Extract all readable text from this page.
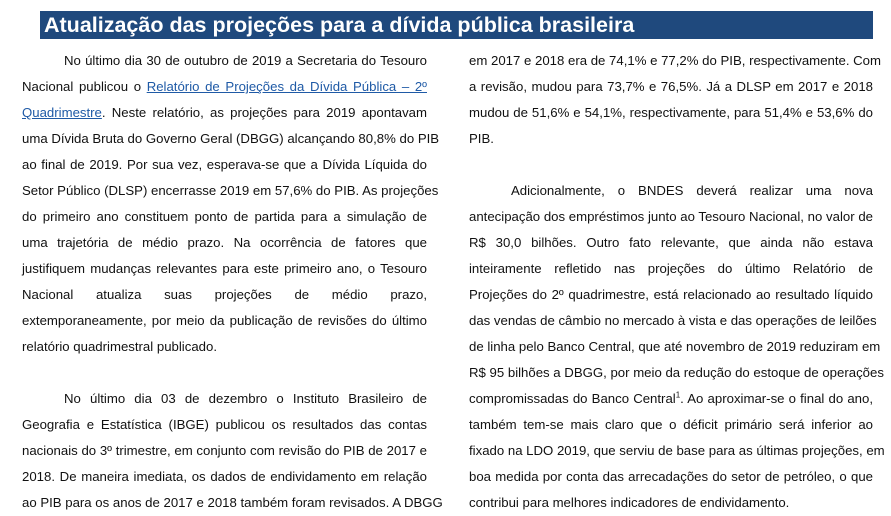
Atualização das projeções para a dívida pública brasileira
No último dia 30 de outubro de 2019 a Secretaria do Tesouro
Nacional publicou o Relatório de Projeções da Dívida Pública – 2º
Quadrimestre. Neste relatório, as projeções para 2019 apontavam
uma Dívida Bruta do Governo Geral (DBGG) alcançando 80,8% do PIB
ao final de 2019. Por sua vez, esperava-se que a Dívida Líquida do
Setor Público (DLSP) encerrasse 2019 em 57,6% do PIB. As projeções
do primeiro ano constituem ponto de partida para a simulação de
uma trajetória de médio prazo. Na ocorrência de fatores que
justifiquem mudanças relevantes para este primeiro ano, o Tesouro
Nacional atualiza suas projeções de médio prazo,
extemporaneamente, por meio da publicação de revisões do último
relatório quadrimestral publicado.
No último dia 03 de dezembro o Instituto Brasileiro de
Geografia e Estatística (IBGE) publicou os resultados das contas
nacionais do 3º trimestre, em conjunto com revisão do PIB de 2017 e
2018. De maneira imediata, os dados de endividamento em relação
ao PIB para os anos de 2017 e 2018 também foram revisados. A DBGG
em 2017 e 2018 era de 74,1% e 77,2% do PIB, respectivamente. Com
a revisão, mudou para 73,7% e 76,5%. Já a DLSP em 2017 e 2018
mudou de 51,6% e 54,1%, respectivamente, para 51,4% e 53,6% do
PIB.
Adicionalmente, o BNDES deverá realizar uma nova
antecipação dos empréstimos junto ao Tesouro Nacional, no valor de
R$ 30,0 bilhões. Outro fato relevante, que ainda não estava
inteiramente refletido nas projeções do último Relatório de
Projeções do 2º quadrimestre, está relacionado ao resultado líquido
das vendas de câmbio no mercado à vista e das operações de leilões
de linha pelo Banco Central, que até novembro de 2019 reduziram em
R$ 95 bilhões a DBGG, por meio da redução do estoque de operações
compromissadas do Banco Central$^1$. Ao aproximar-se o final do ano,
também tem-se mais claro que o déficit primário será inferior ao
fixado na LDO 2019, que serviu de base para as últimas projeções, em
boa medida por conta das arrecadações do setor de petróleo, o que
contribui para melhores indicadores de endividamento.
